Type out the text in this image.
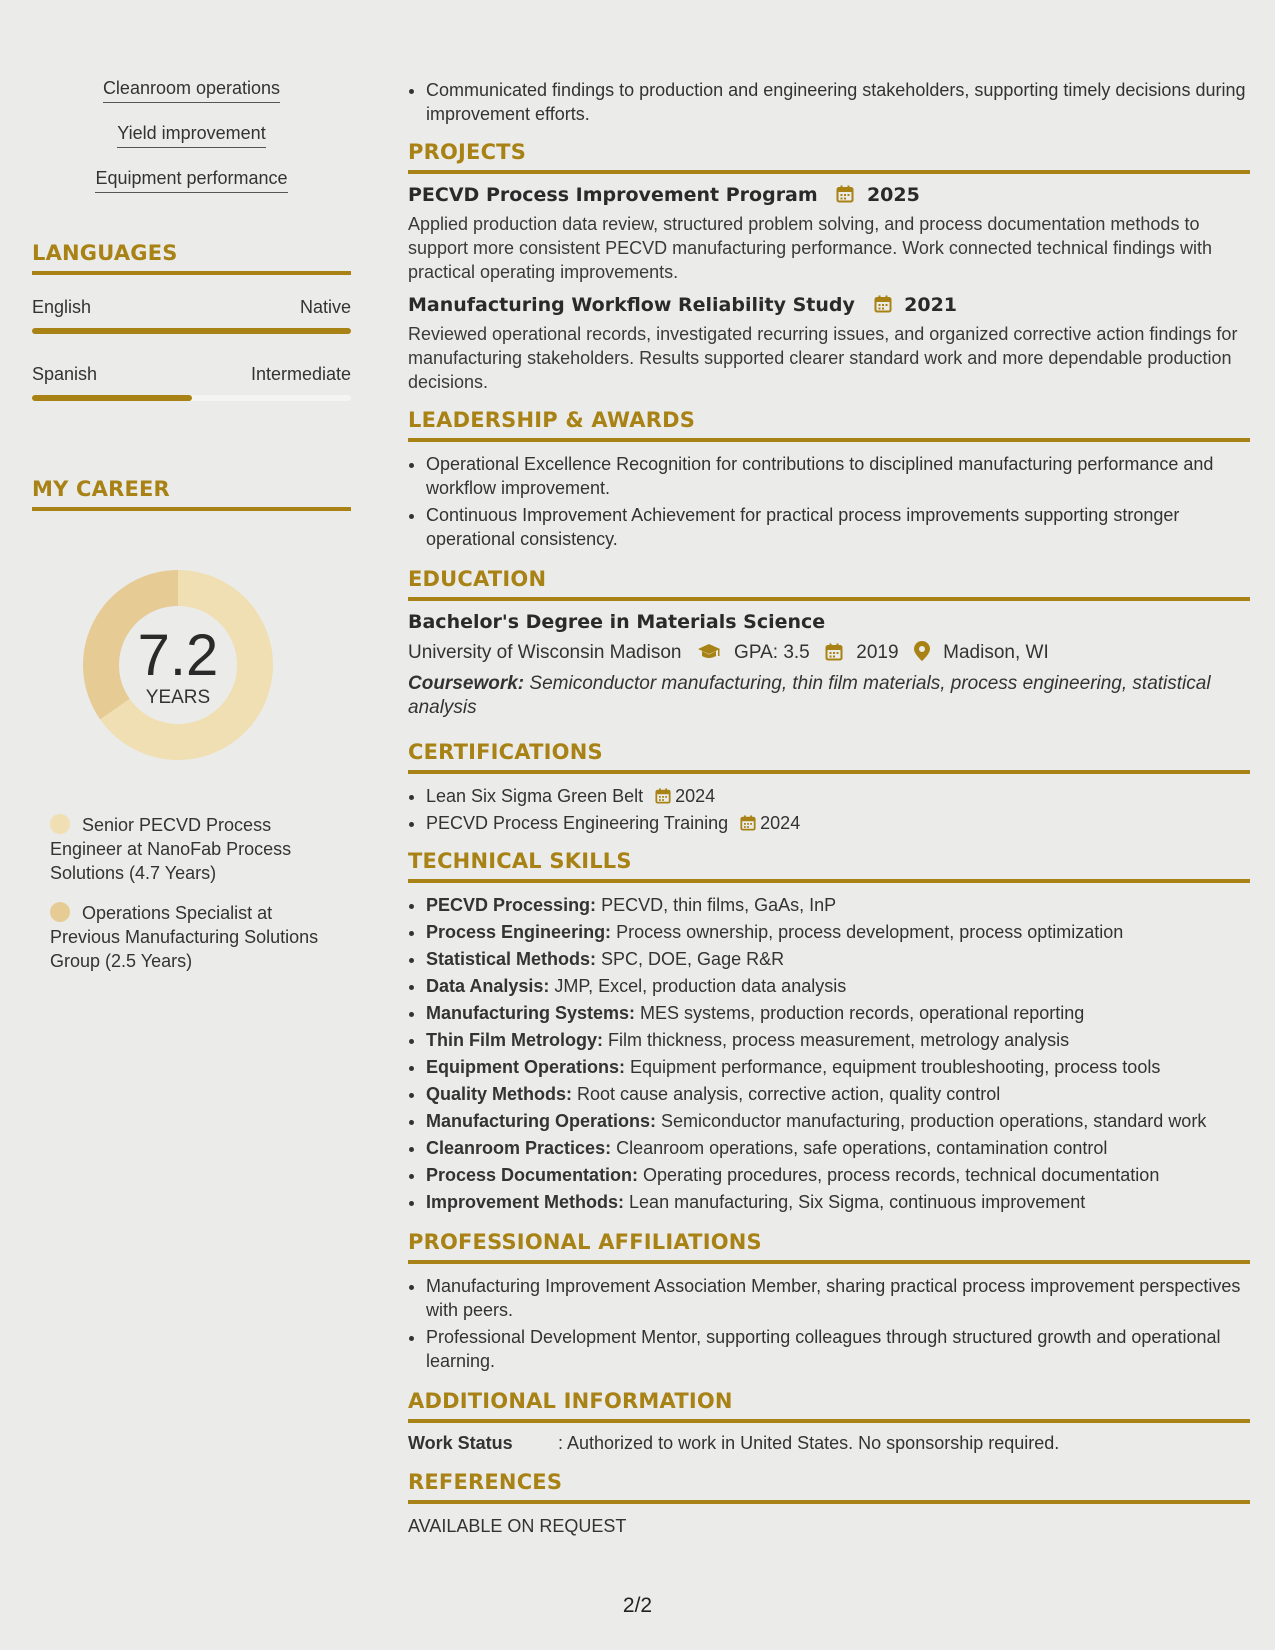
Cleanroom operations
Yield improvement
Equipment performance
LANGUAGES
English	Native
Spanish	Intermediate
MY CAREER
7.2
YEARS
Senior PECVD Process Engineer at NanoFab Process Solutions (4.7 Years)
Operations Specialist at Previous Manufacturing Solutions Group (2.5 Years)
• Communicated findings to production and engineering stakeholders, supporting timely decisions during improvement efforts.
PROJECTS
PECVD Process Improvement Program	2025
Applied production data review, structured problem solving, and process documentation methods to support more consistent PECVD manufacturing performance. Work connected technical findings with practical operating improvements.
Manufacturing Workflow Reliability Study	2021
Reviewed operational records, investigated recurring issues, and organized corrective action findings for manufacturing stakeholders. Results supported clearer standard work and more dependable production decisions.
LEADERSHIP & AWARDS
• Operational Excellence Recognition for contributions to disciplined manufacturing performance and workflow improvement.
• Continuous Improvement Achievement for practical process improvements supporting stronger operational consistency.
EDUCATION
Bachelor's Degree in Materials Science
University of Wisconsin Madison	GPA: 3.5 2019 Madison, WI
Coursework: Semiconductor manufacturing, thin film materials, process engineering, statistical analysis
CERTIFICATIONS
• Lean Six Sigma Green Belt 2024
• PECVD Process Engineering Training 2024
TECHNICAL SKILLS
• PECVD Processing: PECVD, thin films, GaAs, InP
• Process Engineering: Process ownership, process development, process optimization
• Statistical Methods: SPC, DOE, Gage R&R
• Data Analysis: JMP, Excel, production data analysis
• Manufacturing Systems: MES systems, production records, operational reporting
• Thin Film Metrology: Film thickness, process measurement, metrology analysis
• Equipment Operations: Equipment performance, equipment troubleshooting, process tools
• Quality Methods: Root cause analysis, corrective action, quality control
• Manufacturing Operations: Semiconductor manufacturing, production operations, standard work
• Cleanroom Practices: Cleanroom operations, safe operations, contamination control
• Process Documentation: Operating procedures, process records, technical documentation
• Improvement Methods: Lean manufacturing, Six Sigma, continuous improvement
PROFESSIONAL AFFILIATIONS
• Manufacturing Improvement Association Member, sharing practical process improvement perspectives with peers.
• Professional Development Mentor, supporting colleagues through structured growth and operational learning.
ADDITIONAL INFORMATION
Work Status	: Authorized to work in United States. No sponsorship required.
REFERENCES
AVAILABLE ON REQUEST
2/2
